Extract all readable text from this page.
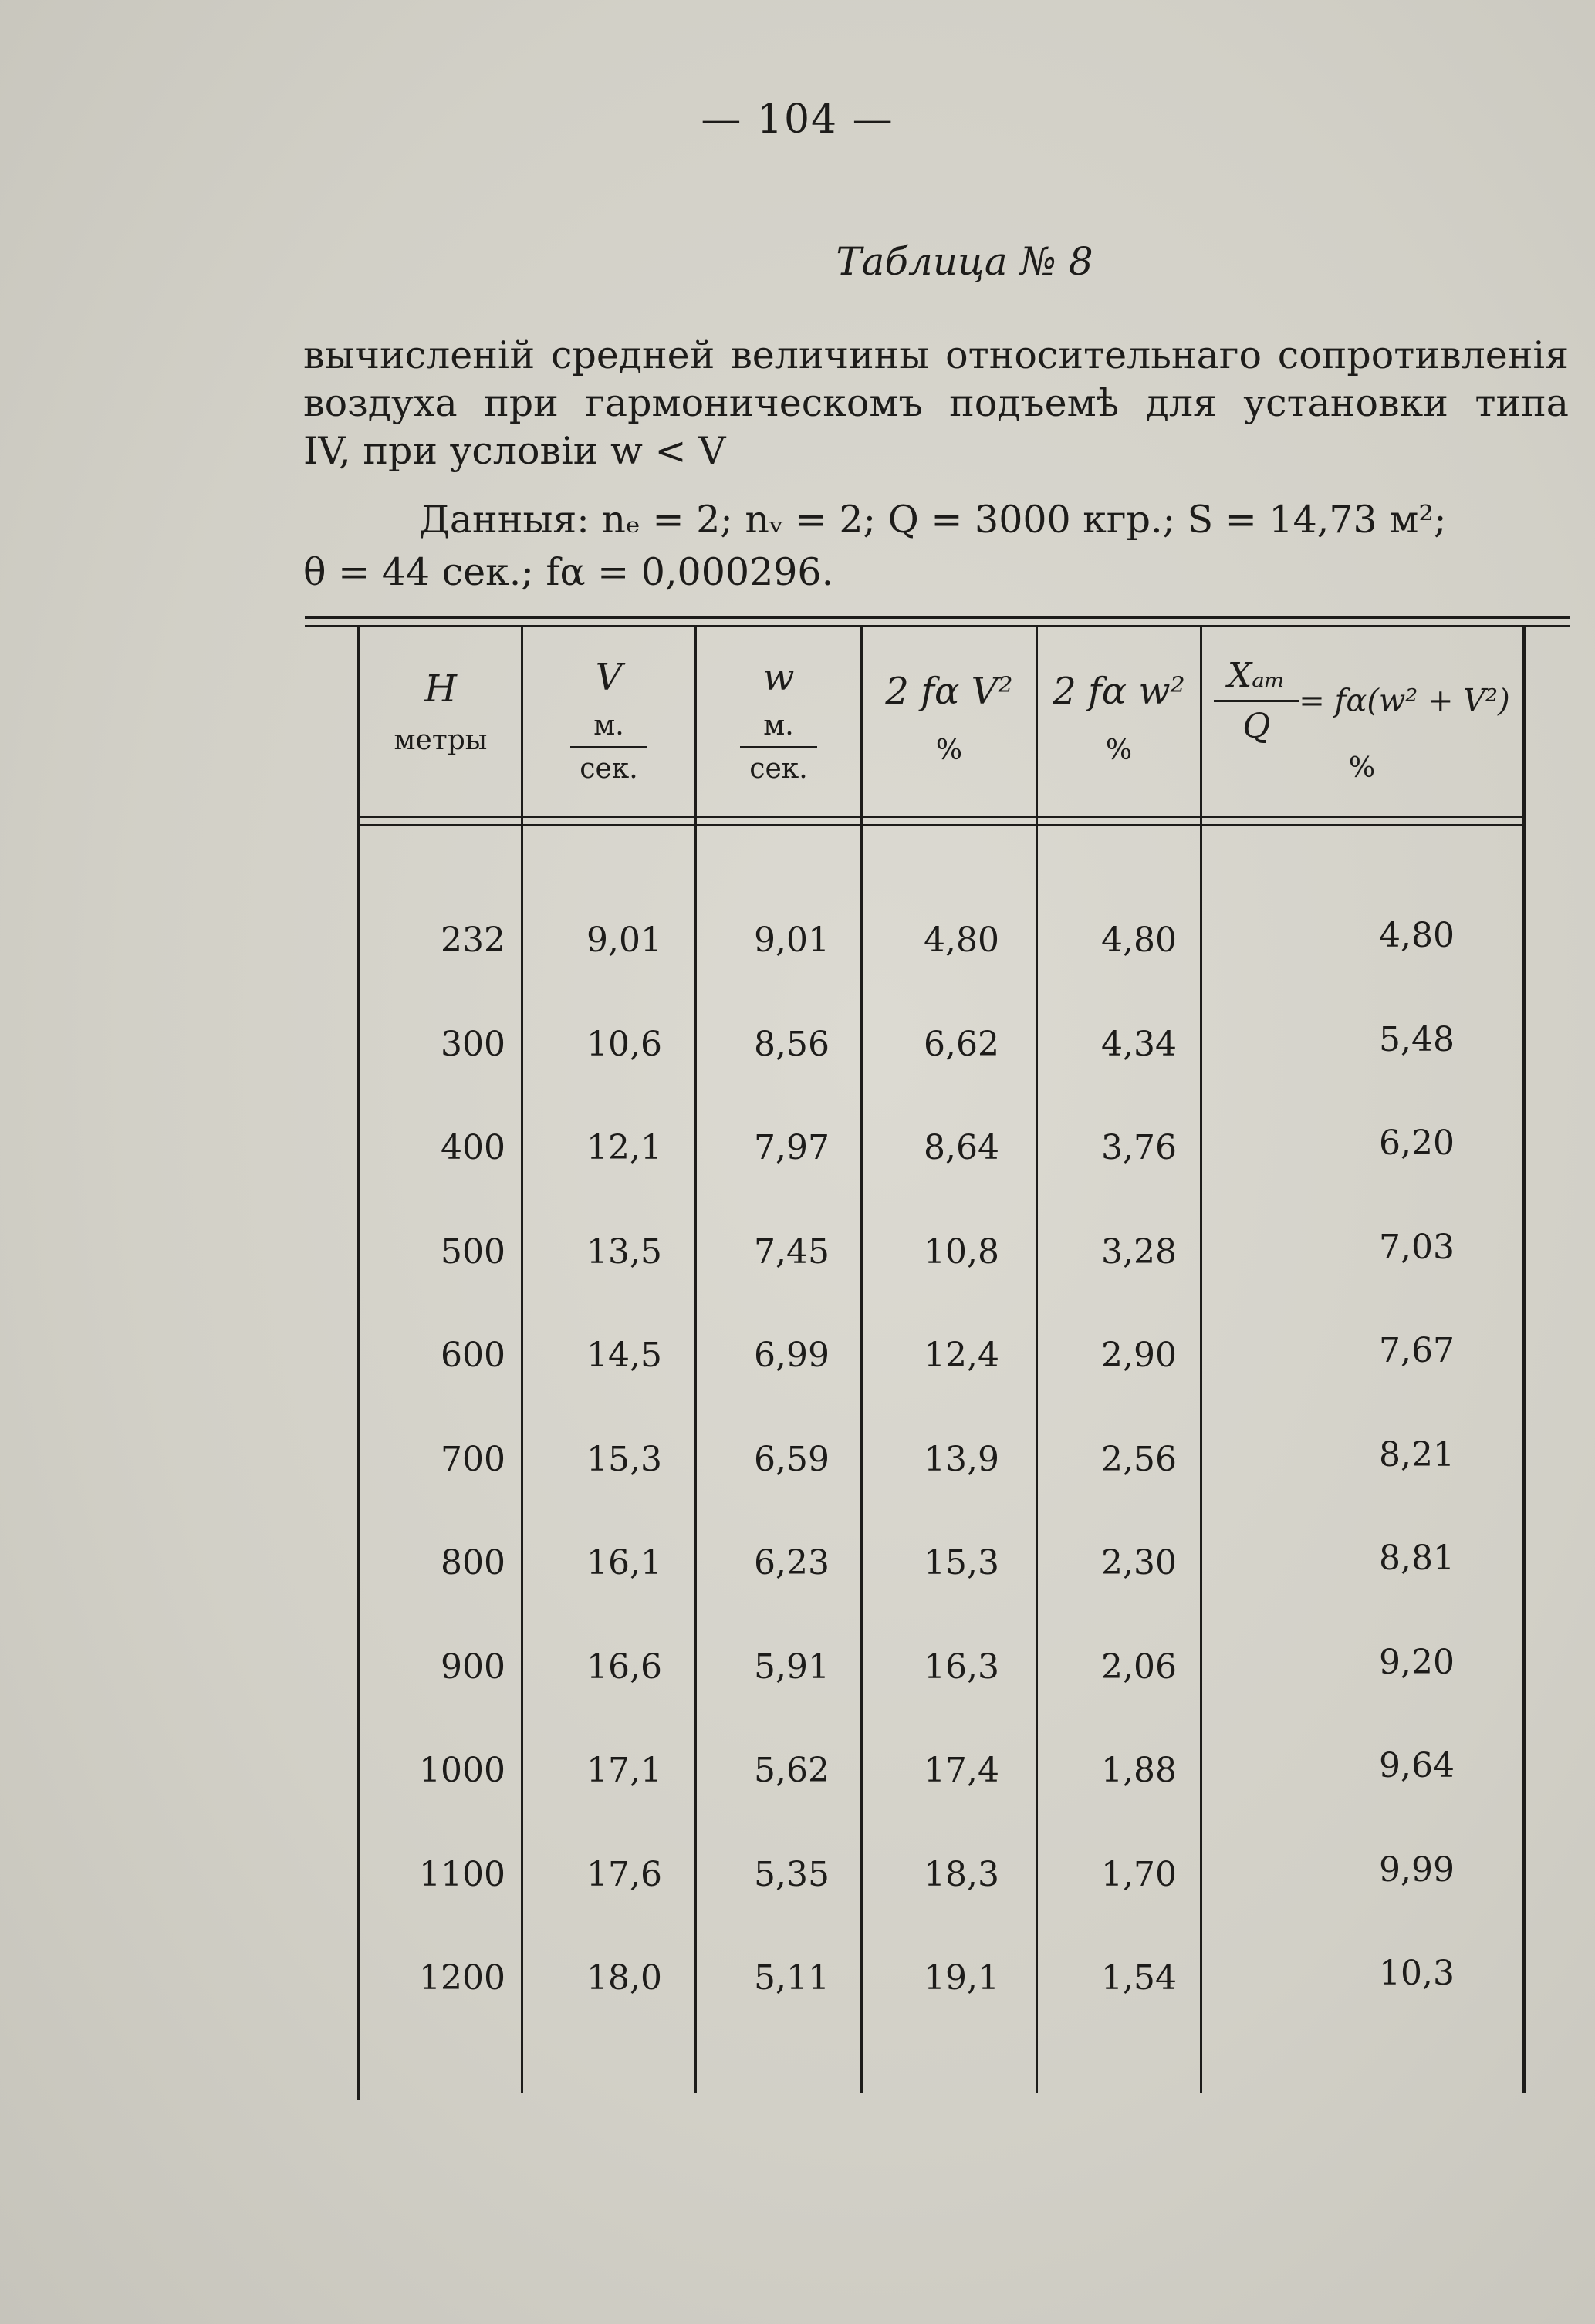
— 104 —
Таблица № 8
вычисленій средней величины относительнаго сопротивленія
воздуха при гармоническомъ подъемѣ для установки типа
IV, при условіи w < V
Данныя: nₑ = 2; nᵥ = 2; Q = 3000 кгр.; S = 14,73 м²;
θ = 44 сек.; fα = 0,000296.
H
метры
V
$\frac{м.}{\text{сек.}}$
w
$\frac{м.}{\text{сек.}}$
2 fα V²
%
2 fα w²
%
$\frac{\text{Xₐₘ}}{Q} = f\alpha(w^2 + V^2)$
%
232	9,01	9,01	4,80	4,80	4,80
300	10,6	8,56	6,62	4,34	5,48
400	12,1	7,97	8,64	3,76	6,20
500	13,5	7,45	10,8	3,28	7,03
600	14,5	6,99	12,4	2,90	7,67
700	15,3	6,59	13,9	2,56	8,21
800	16,1	6,23	15,3	2,30	8,81
900	16,6	5,91	16,3	2,06	9,20
1000	17,1	5,62	17,4	1,88	9,64
1100	17,6	5,35	18,3	1,70	9,99
1200	18,0	5,11	19,1	1,54	10,3
